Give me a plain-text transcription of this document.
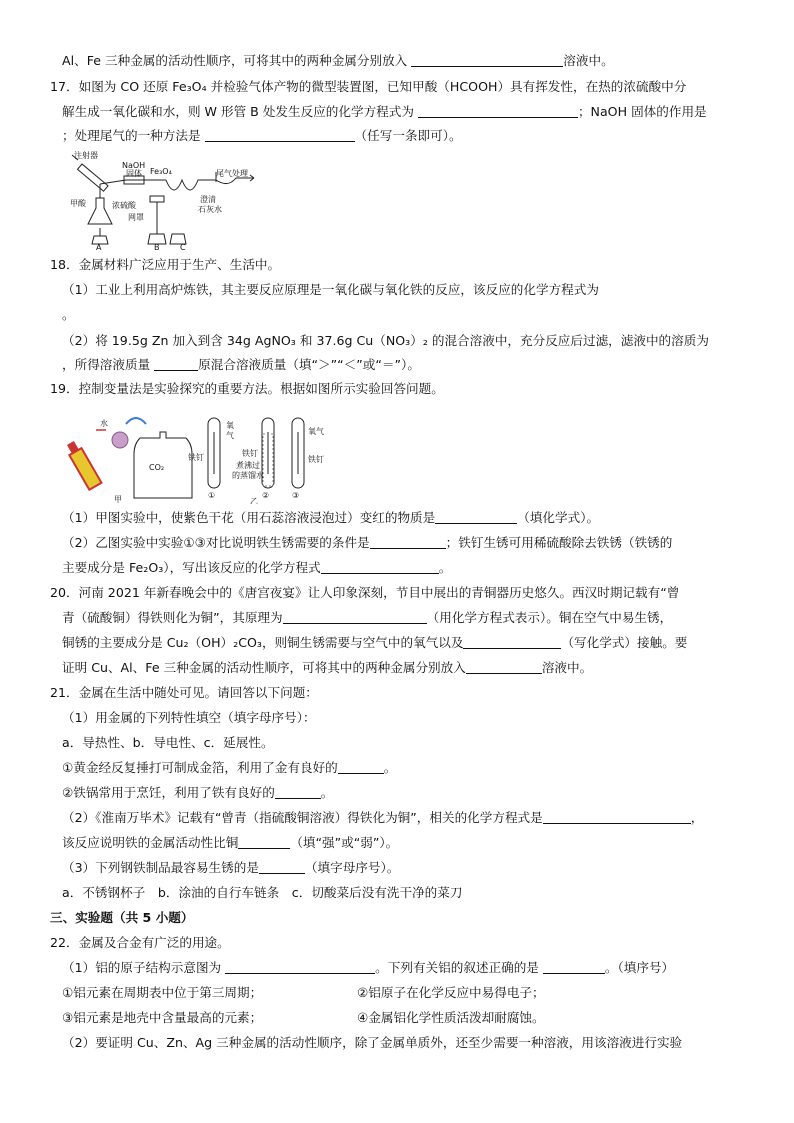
Al、Fe 三种金属的活动性顺序，可将其中的两种金属分别放入	溶液中。
17．如图为 CO 还原 Fe₃O₄ 并检验气体产物的微型装置图，已知甲酸（HCOOH）具有挥发性，在热的浓硫酸中分
解生成一氧化碳和水，则 W 形管 B 处发生反应的化学方程式为	；NaOH 固体的作用是
；处理尾气的一种方法是	（任写一条即可）。
注射器
NaOH
固体 Fe₃O₄	尾气处理
甲酸	浓硫酸
网罩
澄清
石灰水
A	B	C
18．金属材料广泛应用于生产、生活中。
（1）工业上利用高炉炼铁，其主要反应原理是一氧化碳与氧化铁的反应，该反应的化学方程式为
。
（2）将 19.5g Zn 加入到含 34g AgNO₃ 和 37.6g Cu（NO₃）₂ 的混合溶液中，充分反应后过滤，滤液中的溶质为
，所得溶液质量	原混合溶液质量（填“＞”“＜”或“＝”）。
19．控制变量法是实验探究的重要方法。根据如图所示实验回答问题。
CO₂
水
甲
氧
气
铁钉	铁钉
煮沸过
的蒸馏水
氧气
铁钉
①	②	③
乙
（1）甲图实验中，使紫色干花（用石蕊溶液浸泡过）变红的物质是	（填化学式）。
（2）乙图实验中实验①③对比说明铁生锈需要的条件是	；铁钉生锈可用稀硫酸除去铁锈（铁锈的
主要成分是 Fe₂O₃），写出该反应的化学方程式	。
20．河南 2021 年新春晚会中的《唐宫夜宴》让人印象深刻，节目中展出的青铜器历史悠久。西汉时期记载有“曾
青（硫酸铜）得铁则化为铜”，其原理为	（用化学方程式表示）。铜在空气中易生锈，
铜锈的主要成分是 Cu₂（OH）₂CO₃，则铜生锈需要与空气中的氧气以及	（写化学式）接触。要
证明 Cu、Al、Fe 三种金属的活动性顺序，可将其中的两种金属分别放入	溶液中。
21．金属在生活中随处可见。请回答以下问题：
（1）用金属的下列特性填空（填字母序号）：
a．导热性、b．导电性、c．延展性。
①黄金经反复捶打可制成金箔，利用了金有良好的	。
②铁锅常用于烹饪，利用了铁有良好的	。
（2）《淮南万毕术》记载有“曾青（指硫酸铜溶液）得铁化为铜”，相关的化学方程式是	，
该反应说明铁的金属活动性比铜	（填“强”或“弱”）。
（3）下列钢铁制品最容易生锈的是	（填字母序号）。
a．不锈钢杯子　b．涂油的自行车链条　c．切酸菜后没有洗干净的菜刀
三、实验题（共 5 小题）
22．金属及合金有广泛的用途。
（1）铝的原子结构示意图为	。下列有关铝的叙述正确的是	。（填序号）
①铝元素在周期表中位于第三周期；	②铝原子在化学反应中易得电子；
③铝元素是地壳中含量最高的元素；	④金属铝化学性质活泼却耐腐蚀。
（2）要证明 Cu、Zn、Ag 三种金属的活动性顺序，除了金属单质外，还至少需要一种溶液，用该溶液进行实验
